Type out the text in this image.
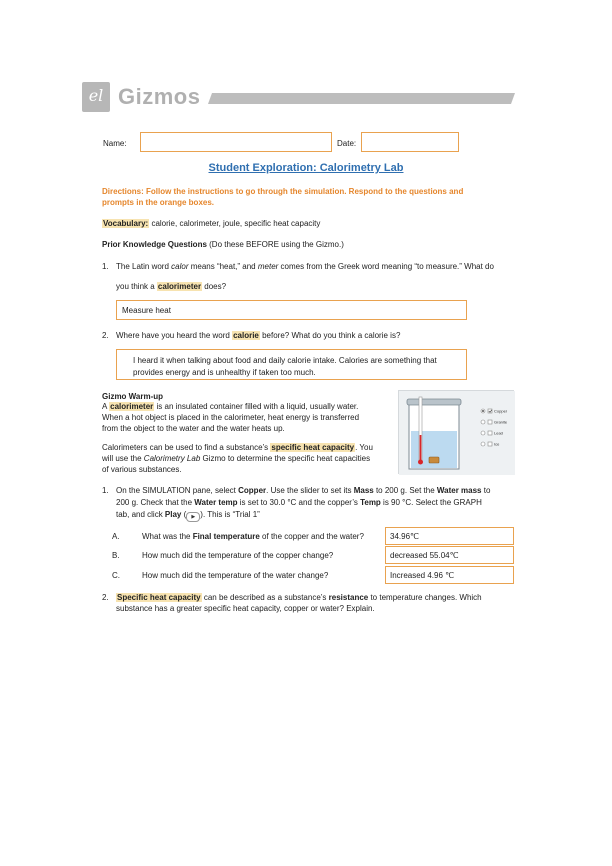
el Gizmos
Name:	Date:
Student Exploration: Calorimetry Lab
Directions: Follow the instructions to go through the simulation. Respond to the questions and
prompts in the orange boxes.
Vocabulary: calorie, calorimeter, joule, specific heat capacity
Prior Knowledge Questions (Do these BEFORE using the Gizmo.)
1. The Latin word calor means “heat,” and meter comes from the Greek word meaning “to measure.” What do
you think a calorimeter does?
Measure heat
2. Where have you heard the word calorie before? What do you think a calorie is?
I heard it when talking about food and daily calorie intake. Calories are something that
provides energy and is unhealthy if taken too much.
Gizmo Warm-up
A calorimeter is an insulated container filled with a liquid, usually water.
When a hot object is placed in the calorimeter, heat energy is transferred
from the object to the water and the water heats up.
Calorimeters can be used to find a substance’s specific heat capacity. You
will use the Calorimetry Lab Gizmo to determine the specific heat capacities
of various substances.
Copper
Granite
Lead
Ice
1. On the SIMULATION pane, select Copper. Use the slider to set its Mass to 200 g. Set the Water mass to
200 g. Check that the Water temp is set to 30.0 °C and the copper’s Temp is 90 °C. Select the GRAPH
tab, and click Play ( ▶ ). This is “Trial 1”
A.	What was the Final temperature of the copper and the water?	34.96℃
B.	How much did the temperature of the copper change?	decreased 55.04℃
C.	How much did the temperature of the water change?	Increased 4.96 ℃
2. Specific heat capacity can be described as a substance’s resistance to temperature changes. Which
substance has a greater specific heat capacity, copper or water? Explain.
